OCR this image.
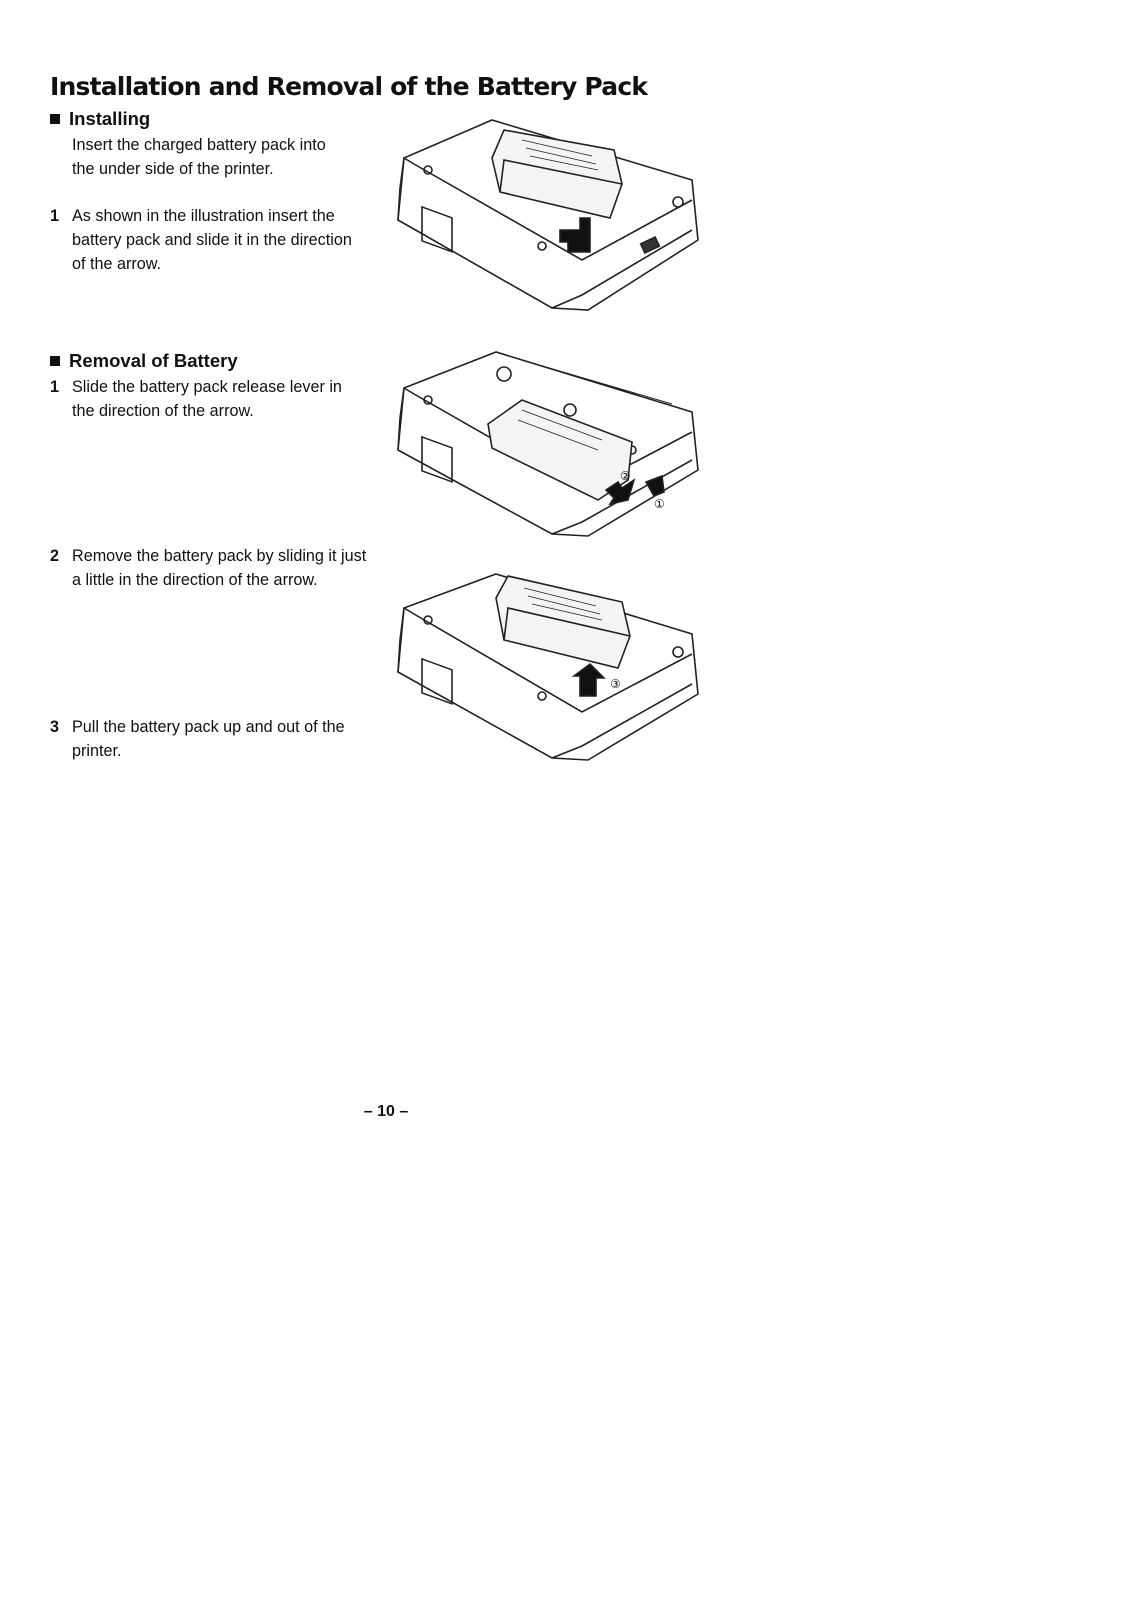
Installation and Removal of the Battery Pack
Installing

Insert the charged battery pack into the under side of the printer.

1 As shown in the illustration insert the battery pack and slide it in the direction of the arrow.

Removal of Battery

1 Slide the battery pack release lever in the direction of the arrow.

2 Remove the battery pack by sliding it just a little in the direction of the arrow.

3 Pull the battery pack up and out of the printer.

②
①
③
– 10 –
